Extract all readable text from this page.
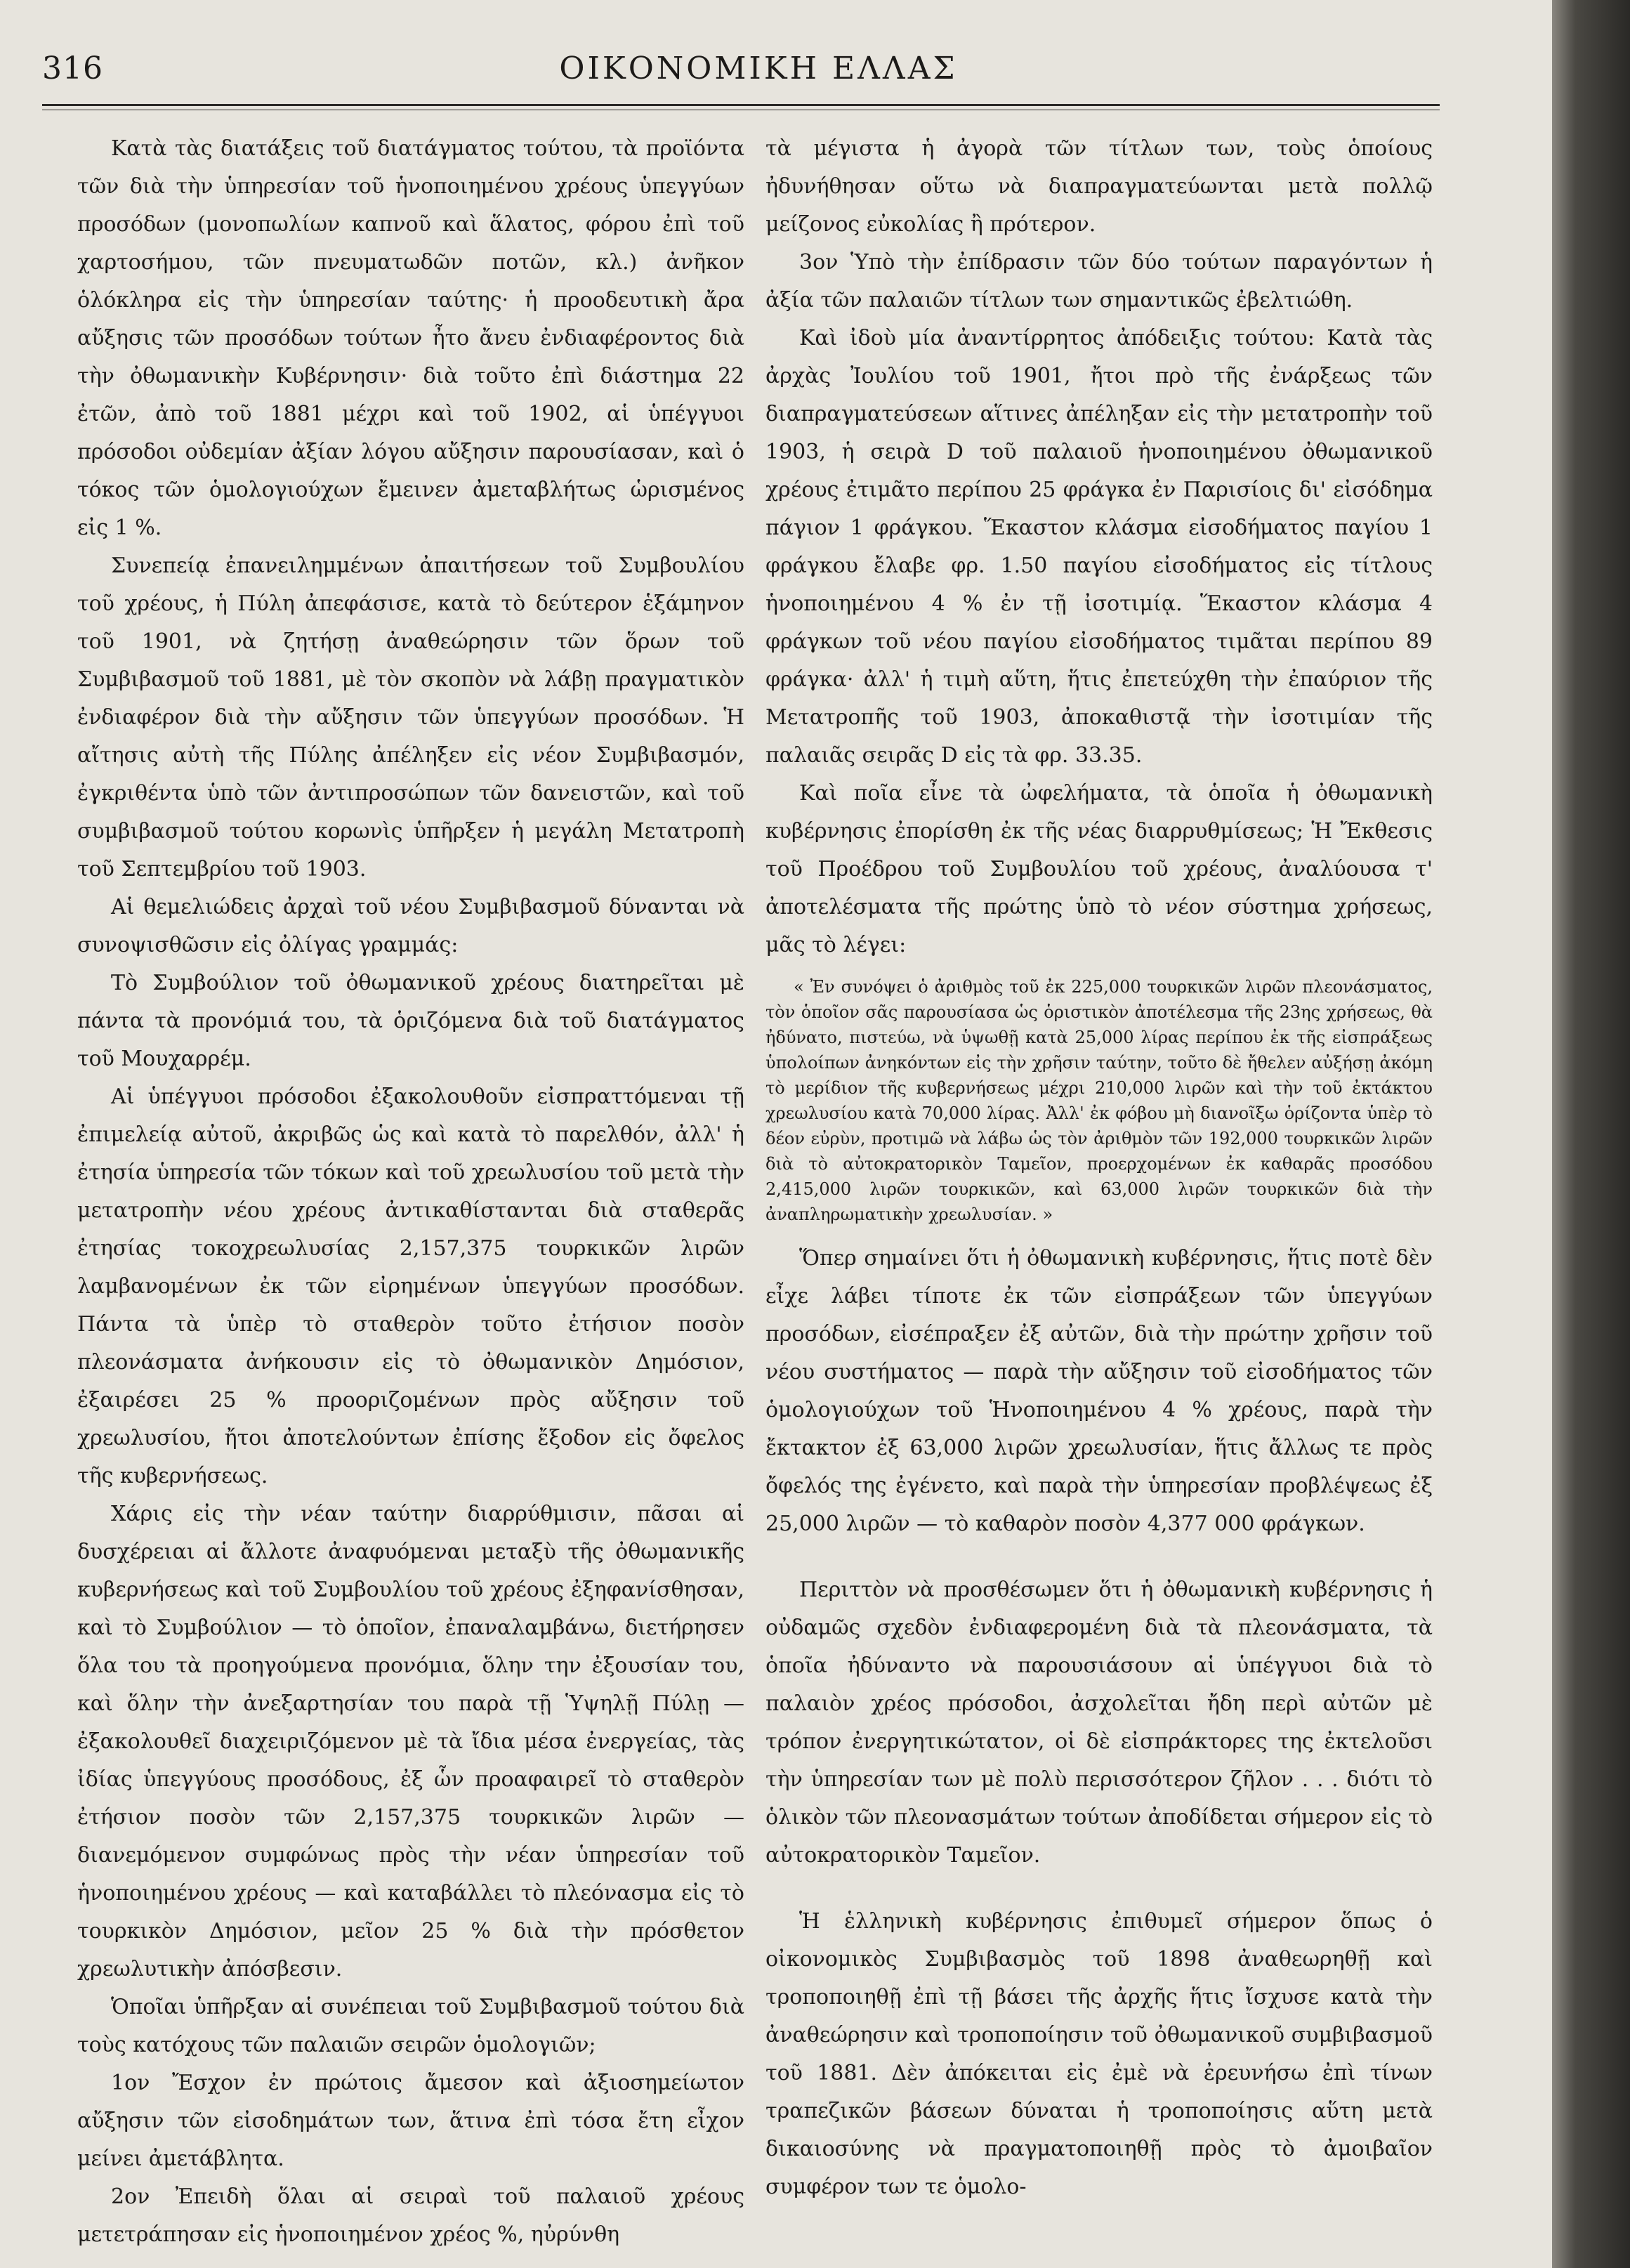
316	ΟΙΚΟΝΟΜΙΚΗ ΕΛΛΑΣ

Κατὰ τὰς διατάξεις τοῦ διατάγματος τούτου, τὰ προϊόντα τῶν διὰ τὴν ὑπηρεσίαν τοῦ ἡνοποιημένου χρέους ὑπεγγύων προσόδων (μονοπωλίων καπνοῦ καὶ ἅλατος, φόρου ἐπὶ τοῦ χαρτοσήμου, τῶν πνευματωδῶν ποτῶν, κλ.) ἀνῆκον ὁλόκληρα εἰς τὴν ὑπηρεσίαν ταύτης· ἡ προοδευτικὴ ἄρα αὔξησις τῶν προσόδων τούτων ἦτο ἄνευ ἐνδιαφέροντος διὰ τὴν ὀθωμανικὴν Κυβέρνησιν· διὰ τοῦτο ἐπὶ διάστημα 22 ἐτῶν, ἀπὸ τοῦ 1881 μέχρι καὶ τοῦ 1902, αἱ ὑπέγγυοι πρόσοδοι οὐδεμίαν ἀξίαν λόγου αὔξησιν παρουσίασαν, καὶ ὁ τόκος τῶν ὁμολογιούχων ἔμεινεν ἀμεταβλήτως ὡρισμένος εἰς 1 %.

Συνεπείᾳ ἐπανειλημμένων ἀπαιτήσεων τοῦ Συμβουλίου τοῦ χρέους, ἡ Πύλη ἀπεφάσισε, κατὰ τὸ δεύτερον ἑξάμηνον τοῦ 1901, νὰ ζητήσῃ ἀναθεώρησιν τῶν ὅρων τοῦ Συμβιβασμοῦ τοῦ 1881, μὲ τὸν σκοπὸν νὰ λάβῃ πραγματικὸν ἐνδιαφέρον διὰ τὴν αὔξησιν τῶν ὑπεγγύων προσόδων. Ἡ αἴτησις αὐτὴ τῆς Πύλης ἀπέληξεν εἰς νέον Συμβιβασμόν, ἐγκριθέντα ὑπὸ τῶν ἀντιπροσώπων τῶν δανειστῶν, καὶ τοῦ συμβιβασμοῦ τούτου κορωνὶς ὑπῆρξεν ἡ μεγάλη Μετατροπὴ τοῦ Σεπτεμβρίου τοῦ 1903.

Αἱ θεμελιώδεις ἀρχαὶ τοῦ νέου Συμβιβασμοῦ δύνανται νὰ συνοψισθῶσιν εἰς ὀλίγας γραμμάς:

Τὸ Συμβούλιον τοῦ ὀθωμανικοῦ χρέους διατηρεῖται μὲ πάντα τὰ προνόμιά του, τὰ ὁριζόμενα διὰ τοῦ διατάγματος τοῦ Μουχαρρέμ.

Αἱ ὑπέγγυοι πρόσοδοι ἐξακολουθοῦν εἰσπραττόμεναι τῇ ἐπιμελείᾳ αὐτοῦ, ἀκριβῶς ὡς καὶ κατὰ τὸ παρελθόν, ἀλλ' ἡ ἐτησία ὑπηρεσία τῶν τόκων καὶ τοῦ χρεωλυσίου τοῦ μετὰ τὴν μετατροπὴν νέου χρέους ἀντικαθίστανται διὰ σταθερᾶς ἐτησίας τοκοχρεωλυσίας 2,157,375 τουρκικῶν λιρῶν λαμβανομένων ἐκ τῶν εἰρημένων ὑπεγγύων προσόδων. Πάντα τὰ ὑπὲρ τὸ σταθερὸν τοῦτο ἐτήσιον ποσὸν πλεονάσματα ἀνήκουσιν εἰς τὸ ὀθωμανικὸν Δημόσιον, ἐξαιρέσει 25 % προοριζομένων πρὸς αὔξησιν τοῦ χρεωλυσίου, ἤτοι ἀποτελούντων ἐπίσης ἔξοδον εἰς ὄφελος τῆς κυβερνήσεως.

Χάρις εἰς τὴν νέαν ταύτην διαρρύθμισιν, πᾶσαι αἱ δυσχέρειαι αἱ ἄλλοτε ἀναφυόμεναι μεταξὺ τῆς ὀθωμανικῆς κυβερνήσεως καὶ τοῦ Συμβουλίου τοῦ χρέους ἐξηφανίσθησαν, καὶ τὸ Συμβούλιον — τὸ ὁποῖον, ἐπαναλαμβάνω, διετήρησεν ὅλα του τὰ προηγούμενα προνόμια, ὅλην την ἐξουσίαν του, καὶ ὅλην τὴν ἀνεξαρτησίαν του παρὰ τῇ Ὑψηλῇ Πύλῃ — ἐξακολουθεῖ διαχειριζόμενον μὲ τὰ ἴδια μέσα ἐνεργείας, τὰς ἰδίας ὑπεγγύους προσόδους, ἐξ ὧν προαφαιρεῖ τὸ σταθερὸν ἐτήσιον ποσὸν τῶν 2,157,375 τουρκικῶν λιρῶν — διανεμόμενον συμφώνως πρὸς τὴν νέαν ὑπηρεσίαν τοῦ ἡνοποιημένου χρέους — καὶ καταβάλλει τὸ πλεόνασμα εἰς τὸ τουρκικὸν Δημόσιον, μεῖον 25 % διὰ τὴν πρόσθετον χρεωλυτικὴν ἀπόσβεσιν.

Ὁποῖαι ὑπῆρξαν αἱ συνέπειαι τοῦ Συμβιβασμοῦ τούτου διὰ τοὺς κατόχους τῶν παλαιῶν σειρῶν ὁμολογιῶν;

1ον Ἔσχον ἐν πρώτοις ἄμεσον καὶ ἀξιοσημείωτον αὔξησιν τῶν εἰσοδημάτων των, ἅτινα ἐπὶ τόσα ἔτη εἶχον μείνει ἀμετάβλητα.

2ον Ἐπειδὴ ὅλαι αἱ σειραὶ τοῦ παλαιοῦ χρέους μετετράπησαν εἰς ἡνοποιημένον χρέος %, ηὐρύνθη

τὰ μέγιστα ἡ ἀγορὰ τῶν τίτλων των, τοὺς ὁποίους ἠδυνήθησαν οὕτω νὰ διαπραγματεύωνται μετὰ πολλῷ μείζονος εὐκολίας ἢ πρότερον.

3ον Ὑπὸ τὴν ἐπίδρασιν τῶν δύο τούτων παραγόντων ἡ ἀξία τῶν παλαιῶν τίτλων των σημαντικῶς ἐβελτιώθη.

Καὶ ἰδοὺ μία ἀναντίρρητος ἀπόδειξις τούτου: Κατὰ τὰς ἀρχὰς Ἰουλίου τοῦ 1901, ἤτοι πρὸ τῆς ἐνάρξεως τῶν διαπραγματεύσεων αἵτινες ἀπέληξαν εἰς τὴν μετατροπὴν τοῦ 1903, ἡ σειρὰ D τοῦ παλαιοῦ ἡνοποιημένου ὀθωμανικοῦ χρέους ἐτιμᾶτο περίπου 25 φράγκα ἐν Παρισίοις δι' εἰσόδημα πάγιον 1 φράγκου. Ἕκαστον κλάσμα εἰσοδήματος παγίου 1 φράγκου ἔλαβε φρ. 1.50 παγίου εἰσοδήματος εἰς τίτλους ἡνοποιημένου 4 % ἐν τῇ ἰσοτιμίᾳ. Ἕκαστον κλάσμα 4 φράγκων τοῦ νέου παγίου εἰσοδήματος τιμᾶται περίπου 89 φράγκα· ἀλλ' ἡ τιμὴ αὕτη, ἥτις ἐπετεύχθη τὴν ἐπαύριον τῆς Μετατροπῆς τοῦ 1903, ἀποκαθιστᾷ τὴν ἰσοτιμίαν τῆς παλαιᾶς σειρᾶς D εἰς τὰ φρ. 33.35.

Καὶ ποῖα εἶνε τὰ ὠφελήματα, τὰ ὁποῖα ἡ ὀθωμανικὴ κυβέρνησις ἐπορίσθη ἐκ τῆς νέας διαρρυθμίσεως; Ἡ Ἔκθεσις τοῦ Προέδρου τοῦ Συμβουλίου τοῦ χρέους, ἀναλύουσα τ' ἀποτελέσματα τῆς πρώτης ὑπὸ τὸ νέον σύστημα χρήσεως, μᾶς τὸ λέγει:

« Ἐν συνόψει ὁ ἀριθμὸς τοῦ ἐκ 225,000 τουρκικῶν λιρῶν πλεονάσματος, τὸν ὁποῖον σᾶς παρουσίασα ὡς ὁριστικὸν ἀποτέλεσμα τῆς 23ης χρήσεως, θὰ ἠδύνατο, πιστεύω, νὰ ὑψωθῇ κατὰ 25,000 λίρας περίπου ἐκ τῆς εἰσπράξεως ὑπολοίπων ἀνηκόντων εἰς τὴν χρῆσιν ταύτην, τοῦτο δὲ ἤθελεν αὐξήσῃ ἀκόμη τὸ μερίδιον τῆς κυβερνήσεως μέχρι 210,000 λιρῶν καὶ τὴν τοῦ ἐκτάκτου χρεωλυσίου κατὰ 70,000 λίρας. Ἀλλ' ἐκ φόβου μὴ διανοῖξω ὁρίζοντα ὑπὲρ τὸ δέον εὐρὺν, προτιμῶ νὰ λάβω ὡς τὸν ἀριθμὸν τῶν 192,000 τουρκικῶν λιρῶν διὰ τὸ αὐτοκρατορικὸν Ταμεῖον, προερχομένων ἐκ καθαρᾶς προσόδου 2,415,000 λιρῶν τουρκικῶν, καὶ 63,000 λιρῶν τουρκικῶν διὰ τὴν ἀναπληρωματικὴν χρεωλυσίαν. »

Ὅπερ σημαίνει ὅτι ἡ ὀθωμανικὴ κυβέρνησις, ἥτις ποτὲ δὲν εἶχε λάβει τίποτε ἐκ τῶν εἰσπράξεων τῶν ὑπεγγύων προσόδων, εἰσέπραξεν ἐξ αὐτῶν, διὰ τὴν πρώτην χρῆσιν τοῦ νέου συστήματος — παρὰ τὴν αὔξησιν τοῦ εἰσοδήματος τῶν ὁμολογιούχων τοῦ Ἡνοποιημένου 4 % χρέους, παρὰ τὴν ἔκτακτον ἐξ 63,000 λιρῶν χρεωλυσίαν, ἥτις ἄλλως τε πρὸς ὄφελός της ἐγένετο, καὶ παρὰ τὴν ὑπηρεσίαν προβλέψεως ἐξ 25,000 λιρῶν — τὸ καθαρὸν ποσὸν 4,377 000 φράγκων.

Περιττὸν νὰ προσθέσωμεν ὅτι ἡ ὀθωμανικὴ κυβέρνησις ἡ οὐδαμῶς σχεδὸν ἐνδιαφερομένη διὰ τὰ πλεονάσματα, τὰ ὁποῖα ἠδύναντο νὰ παρουσιάσουν αἱ ὑπέγγυοι διὰ τὸ παλαιὸν χρέος πρόσοδοι, ἀσχολεῖται ἤδη περὶ αὐτῶν μὲ τρόπον ἐνεργητικώτατον, οἱ δὲ εἰσπράκτορες της ἐκτελοῦσι τὴν ὑπηρεσίαν των μὲ πολὺ περισσότερον ζῆλον . . . διότι τὸ ὁλικὸν τῶν πλεονασμάτων τούτων ἀποδίδεται σήμερον εἰς τὸ αὐτοκρατορικὸν Ταμεῖον.

Ἡ ἑλληνικὴ κυβέρνησις ἐπιθυμεῖ σήμερον ὅπως ὁ οἰκονομικὸς Συμβιβασμὸς τοῦ 1898 ἀναθεωρηθῇ καὶ τροποποιηθῇ ἐπὶ τῇ βάσει τῆς ἀρχῆς ἥτις ἴσχυσε κατὰ τὴν ἀναθεώρησιν καὶ τροποποίησιν τοῦ ὀθωμανικοῦ συμβιβασμοῦ τοῦ 1881. Δὲν ἀπόκειται εἰς ἐμὲ νὰ ἐρευνήσω ἐπὶ τίνων τραπεζικῶν βάσεων δύναται ἡ τροποποίησις αὕτη μετὰ δικαιοσύνης νὰ πραγματοποιηθῇ πρὸς τὸ ἀμοιβαῖον συμφέρον των τε ὁμολο-
